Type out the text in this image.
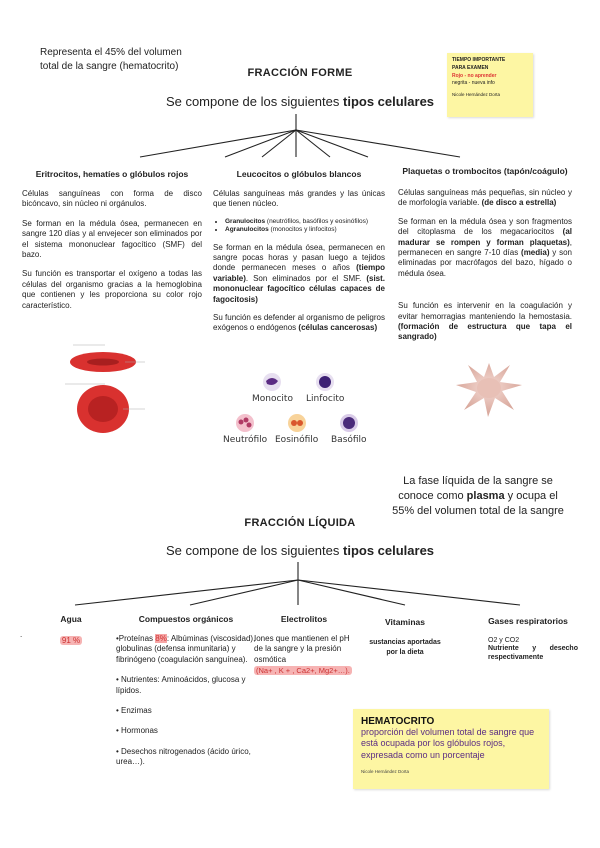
Representa el 45% del volumen total de la sangre (hematocrito)
TIEMPO IMPORTANTE
PARA EXAMEN
Rojo - no aprender
negrita - nueva info
Nicole Hernández Dorta
FRACCIÓN FORME
Se compone de los siguientes tipos celulares
Eritrocitos, hematíes o glóbulos rojos
Células sanguíneas con forma de disco bicóncavo, sin núcleo ni orgánulos.
Se forman en la médula ósea, permanecen en sangre 120 días y al envejecer son eliminados por el sistema mononuclear fagocítico (SMF) del bazo.
Su función es transportar el oxígeno a todas las células del organismo gracias a la hemoglobina que contienen y les proporciona su color rojo característico.
Leucocitos o glóbulos blancos
Células sanguíneas más grandes y las únicas que tienen núcleo.
• Granulocitos (neutrófilos, basófilos y eosinófilos)
• Agranulocitos (monocitos y linfocitos)
Se forman en la médula ósea, permanecen en sangre pocas horas y pasan luego a tejidos donde permanecen meses o años (tiempo variable). Son eliminados por el SMF. (sist. mononuclear fagocítico células capaces de fagocitosis)
Su función es defender al organismo de peligros exógenos o endógenos (células cancerosas)
Plaquetas o trombocitos (tapón/coágulo)
Células sanguíneas más pequeñas, sin núcleo y de morfología variable. (de disco a estrella)
Se forman en la médula ósea y son fragmentos del citoplasma de los megacariocitos (al madurar se rompen y forman plaquetas), permanecen en sangre 7-10 días (media) y son eliminadas por macrófagos del bazo, hígado o médula ósea.
Su función es intervenir en la coagulación y evitar hemorragias manteniendo la hemostasia. (formación de estructura que tapa el sangrado)
Monocito Linfocito
Neutrófilo Eosinófilo Basófilo
La fase líquida de la sangre se conoce como plasma y ocupa el 55% del volumen total de la sangre
FRACCIÓN LÍQUIDA
Se compone de los siguientes tipos celulares
Agua
91 %
.
Compuestos orgánicos
•Proteínas 8%: Albúminas (viscosidad), globulinas (defensa inmunitaria) y fibrinógeno (coagulación sanguínea).
• Nutrientes: Aminoácidos, glucosa y lípidos.
• Enzimas
• Hormonas
• Desechos nitrogenados (ácido úrico, urea…).
Electrolitos
Iones que mantienen el pH de la sangre y la presión osmótica
(Na+ , K + , Ca2+, Mg2+…).
Vitaminas
sustancias aportadas por la dieta
Gases respiratorios
O2 y CO2
Nutriente y desecho respectivamente
HEMATOCRITO
proporción del volumen total de sangre que está ocupada por los glóbulos rojos, expresada como un porcentaje
Nicole Hernández Dorta
